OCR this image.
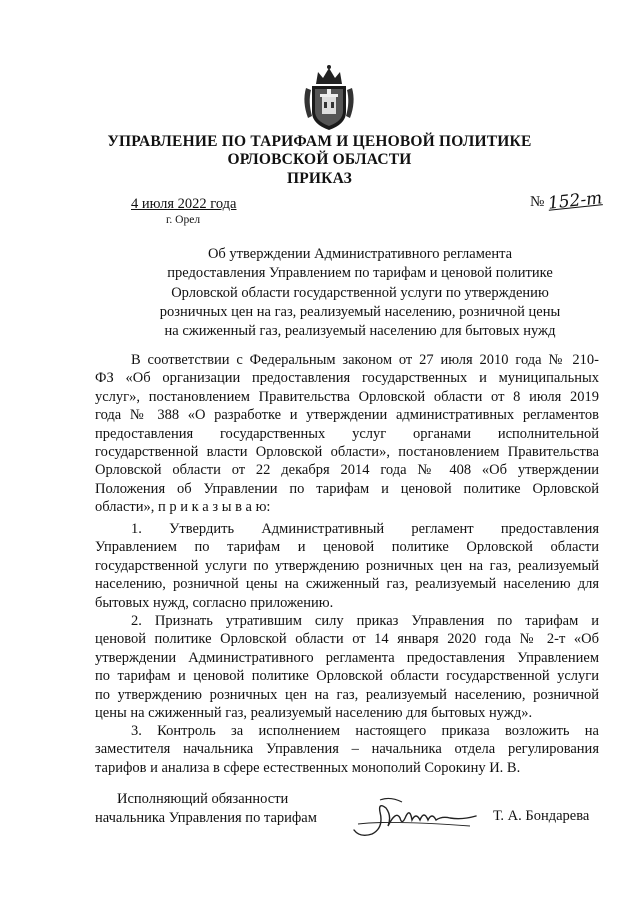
УПРАВЛЕНИЕ ПО ТАРИФАМ И ЦЕНОВОЙ ПОЛИТИКЕ
ОРЛОВСКОЙ ОБЛАСТИ
ПРИКАЗ
4 июля 2022 года
г. Орел
№ 152-т
Об утверждении Административного регламента
предоставления Управлением по тарифам и ценовой политике
Орловской области государственной услуги по утверждению
розничных цен на газ, реализуемый населению, розничной цены
на сжиженный газ, реализуемый населению для бытовых нужд
В соответствии с Федеральным законом от 27 июля 2010 года № 210-
ФЗ «Об организации предоставления государственных и муниципальных
услуг», постановлением Правительства Орловской области от 8 июля 2019
года № 388 «О разработке и утверждении административных регламентов
предоставления государственных услуг органами исполнительной
государственной власти Орловской области», постановлением Правительства
Орловской области от 22 декабря 2014 года № 408 «Об утверждении
Положения об Управлении по тарифам и ценовой политике Орловской
области», п р и к а з ы в а ю:
1. Утвердить Административный регламент предоставления
Управлением по тарифам и ценовой политике Орловской области
государственной услуги по утверждению розничных цен на газ, реализуемый
населению, розничной цены на сжиженный газ, реализуемый населению для
бытовых нужд, согласно приложению.
2. Признать утратившим силу приказ Управления по тарифам и
ценовой политике Орловской области от 14 января 2020 года № 2-т «Об
утверждении Административного регламента предоставления Управлением
по тарифам и ценовой политике Орловской области государственной услуги
по утверждению розничных цен на газ, реализуемый населению, розничной
цены на сжиженный газ, реализуемый населению для бытовых нужд».
3. Контроль за исполнением настоящего приказа возложить на
заместителя начальника Управления – начальника отдела регулирования
тарифов и анализа в сфере естественных монополий Сорокину И. В.
Исполняющий обязанности
начальника Управления по тарифам	Т. А. Бондарева
